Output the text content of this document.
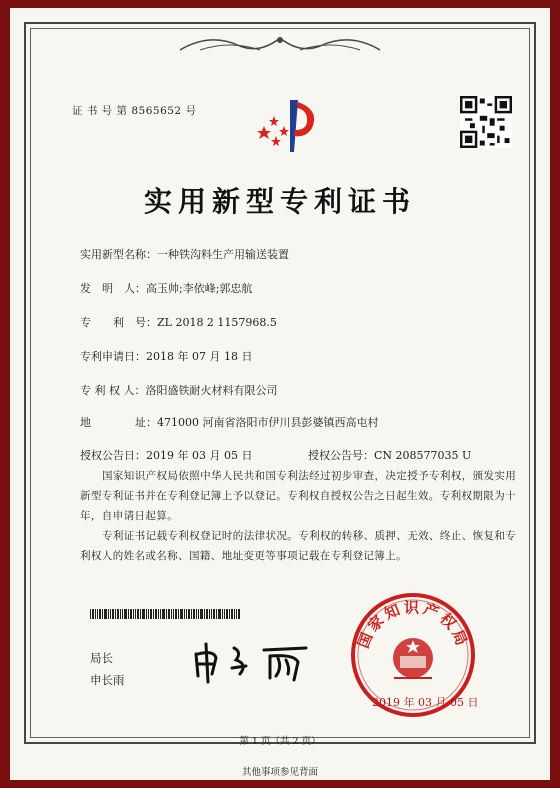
证 书 号 第 8565652 号
实用新型专利证书
实用新型名称：一种铁沟料生产用输送装置
发　明　人：高玉帅;李依峰;郭忠航
专　　利　号：ZL 2018 2 1157968.5
专利申请日：2018 年 07 月 18 日
专 利 权 人：洛阳盛铁耐火材料有限公司
地　　　　址：471000 河南省洛阳市伊川县彭婆镇西高屯村
授权公告日：2019 年 03 月 05 日	授权公告号：CN 208577035 U
国家知识产权局依照中华人民共和国专利法经过初步审查，决定授予专利权，颁发实用新型专利证书并在专利登记簿上予以登记。专利权自授权公告之日起生效。专利权期限为十年，自申请日起算。
专利证书记载专利权登记时的法律状况。专利权的转移、质押、无效、终止、恢复和专利权人的姓名或名称、国籍、地址变更等事项记载在专利登记簿上。
局长
申长雨
国家知识产权局
2019 年 03 月 05 日
第 1 页（共 2 页）
其他事项参见背面
